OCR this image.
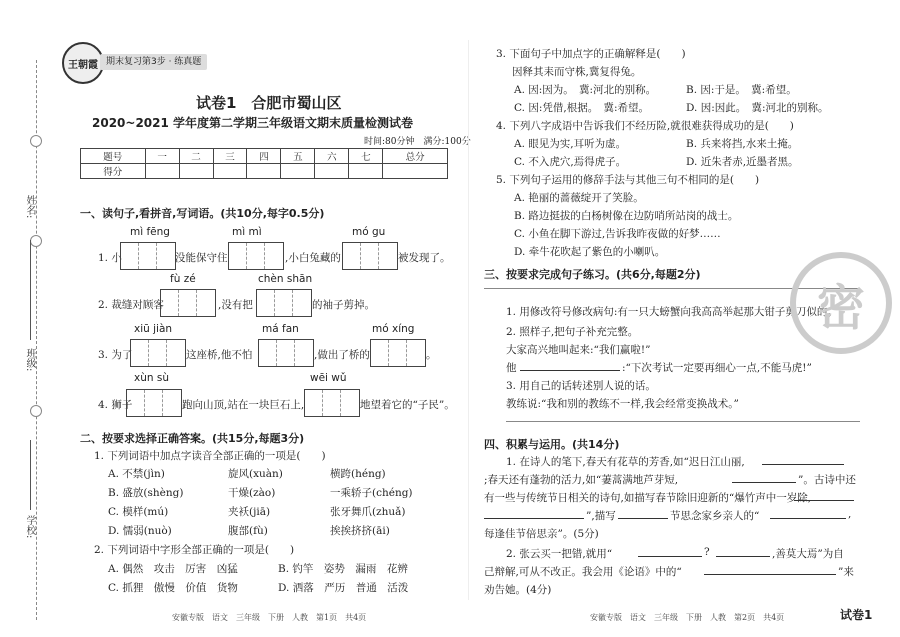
姓名:
班级:
学校:
王朝霞 期末复习第3步 · 练真题
试卷1　合肥市蜀山区
2020~2021 学年度第二学期三年级语文期末质量检测试卷
时间:80分钟　满分:100分
题号	一	二	三	四	五	六	七	总分
得分								
一、读句子,看拼音,写词语。(共10分,每字0.5分)
mì fēng	mì mì	mó gu
1. 小	没能保守住	,小白兔藏的	被发现了。
fù zé	chèn shān
2. 裁缝对顾客	,没有把	的袖子剪掉。
xiū jiàn	má fan	mó xíng
3. 为了	这座桥,他不怕	,做出了桥的	。
xùn sù	wēi wǔ
4. 狮子	跑向山顶,站在一块巨石上,	地望着它的“子民”。
二、按要求选择正确答案。(共15分,每题3分)
1. 下列词语中加点字读音全部正确的一项是(　　)
A. 不禁(jìn)	旋风(xuàn)	横跨(héng)
B. 盛放(shèng)	干燥(zào)	一乘轿子(chéng)
C. 模样(mú)	夹袄(jiā)	张牙舞爪(zhuǎ)
D. 懦弱(nuò)	腹部(fù)	挨挨挤挤(āi)
2. 下列词语中字形全部正确的一项是(　　)
A. 偶然　攻击　厉害　凶猛	B. 钓竿　姿势　漏雨　花辨
C. 抓狸　傲慢　价值　货物	D. 洒落　严历　普通　活泼
3. 下面句子中加点字的正确解释是(　　)
因释其耒而守株,冀复得兔。
A. 因:因为。　冀:河北的别称。	B. 因:于是。　冀:希望。
C. 因:凭借,根据。　冀:希望。	D. 因:因此。　冀:河北的别称。
4. 下列八字成语中告诉我们不经历险,就很难获得成功的是(　　)
A. 眼见为实,耳听为虚。	B. 兵来将挡,水来土掩。
C. 不入虎穴,焉得虎子。	D. 近朱者赤,近墨者黑。
5. 下列句子运用的修辞手法与其他三句不相同的是(　　)
A. 艳丽的蔷薇绽开了笑脸。
B. 路边挺拔的白杨树像在边防哨所站岗的战士。
C. 小鱼在脚下游过,告诉我昨夜做的好梦……
D. 牵牛花吹起了紫色的小喇叭。
三、按要求完成句子练习。(共6分,每题2分)
1. 用修改符号修改病句:有一只大螃蟹向我高高举起那大钳子剪刀似的。
2. 照样子,把句子补充完整。
大家高兴地叫起来:“我们赢啦!”
他	:“下次考试一定要再细心一点,不能马虎!”
3. 用自己的话转述别人说的话。
教练说:“我和别的教练不一样,我会经常变换战术。”
四、积累与运用。(共14分)
1. 在诗人的笔下,春天有花草的芳香,如“迟日江山丽,
;春天还有蓬勃的活力,如“萋蒿满地芦芽短,	”。古诗中还
有一些与传统节日相关的诗句,如描写春节除旧迎新的“爆竹声中一岁除,
”,描写	节思念家乡亲人的“	,
每逢佳节倍思亲”。(5分)
2. 张云买一把错,就用“	?	,善莫大焉”为自
己辩解,可从不改正。我会用《论语》中的“	”来
劝告她。(4分)
密
安徽专版　语文　三年级　下册　人教　第1页　共4页	安徽专版　语文　三年级　下册　人教　第2页　共4页	试卷1
